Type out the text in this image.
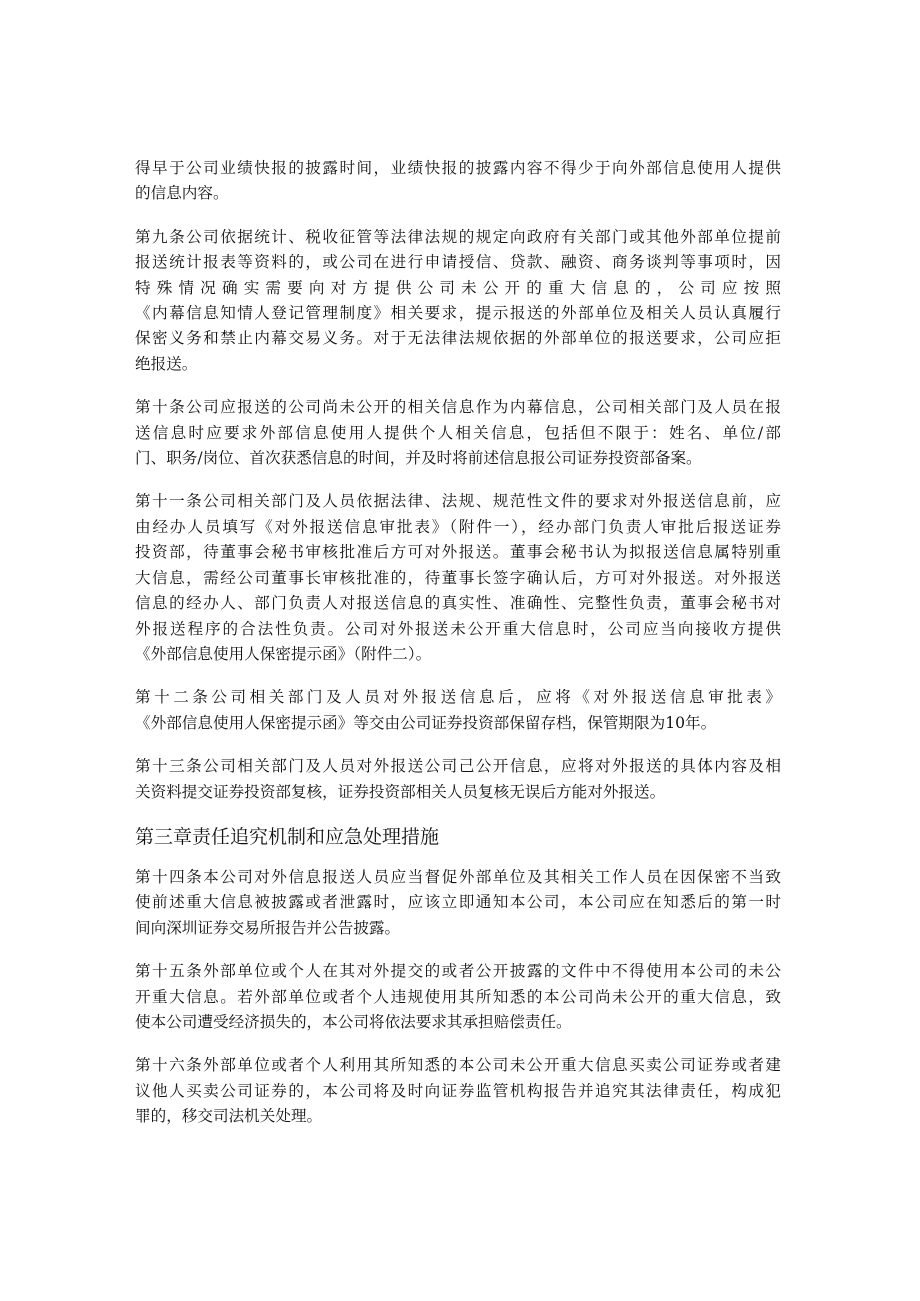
得早于公司业绩快报的披露时间，业绩快报的披露内容不得少于向外部信息使用人提供
的信息内容。

第九条公司依据统计、税收征管等法律法规的规定向政府有关部门或其他外部单位提前
报送统计报表等资料的，或公司在进行申请授信、贷款、融资、商务谈判等事项时，因
特殊情况确实需要向对方提供公司未公开的重大信息的，公司应按照
《内幕信息知情人登记管理制度》相关要求，提示报送的外部单位及相关人员认真履行
保密义务和禁止内幕交易义务。对于无法律法规依据的外部单位的报送要求，公司应拒
绝报送。

第十条公司应报送的公司尚未公开的相关信息作为内幕信息，公司相关部门及人员在报
送信息时应要求外部信息使用人提供个人相关信息，包括但不限于：姓名、单位/部
门、职务/岗位、首次获悉信息的时间，并及时将前述信息报公司证券投资部备案。

第十一条公司相关部门及人员依据法律、法规、规范性文件的要求对外报送信息前，应
由经办人员填写《对外报送信息审批表》（附件一），经办部门负责人审批后报送证券
投资部，待董事会秘书审核批准后方可对外报送。董事会秘书认为拟报送信息属特别重
大信息，需经公司董事长审核批准的，待董事长签字确认后，方可对外报送。对外报送
信息的经办人、部门负责人对报送信息的真实性、准确性、完整性负责，董事会秘书对
外报送程序的合法性负责。公司对外报送未公开重大信息时，公司应当向接收方提供
《外部信息使用人保密提示函》（附件二）。

第十二条公司相关部门及人员对外报送信息后，应将《对外报送信息审批表》
《外部信息使用人保密提示函》等交由公司证券投资部保留存档，保管期限为10年。

第十三条公司相关部门及人员对外报送公司己公开信息，应将对外报送的具体内容及相
关资料提交证券投资部复核，证券投资部相关人员复核无误后方能对外报送。

第三章责任追究机制和应急处理措施

第十四条本公司对外信息报送人员应当督促外部单位及其相关工作人员在因保密不当致
使前述重大信息被披露或者泄露时，应该立即通知本公司，本公司应在知悉后的第一时
间向深圳证券交易所报告并公告披露。

第十五条外部单位或个人在其对外提交的或者公开披露的文件中不得使用本公司的未公
开重大信息。若外部单位或者个人违规使用其所知悉的本公司尚未公开的重大信息，致
使本公司遭受经济损失的，本公司将依法要求其承担赔偿责任。

第十六条外部单位或者个人利用其所知悉的本公司未公开重大信息买卖公司证券或者建
议他人买卖公司证券的，本公司将及时向证券监管机构报告并追究其法律责任，构成犯
罪的，移交司法机关处理。
